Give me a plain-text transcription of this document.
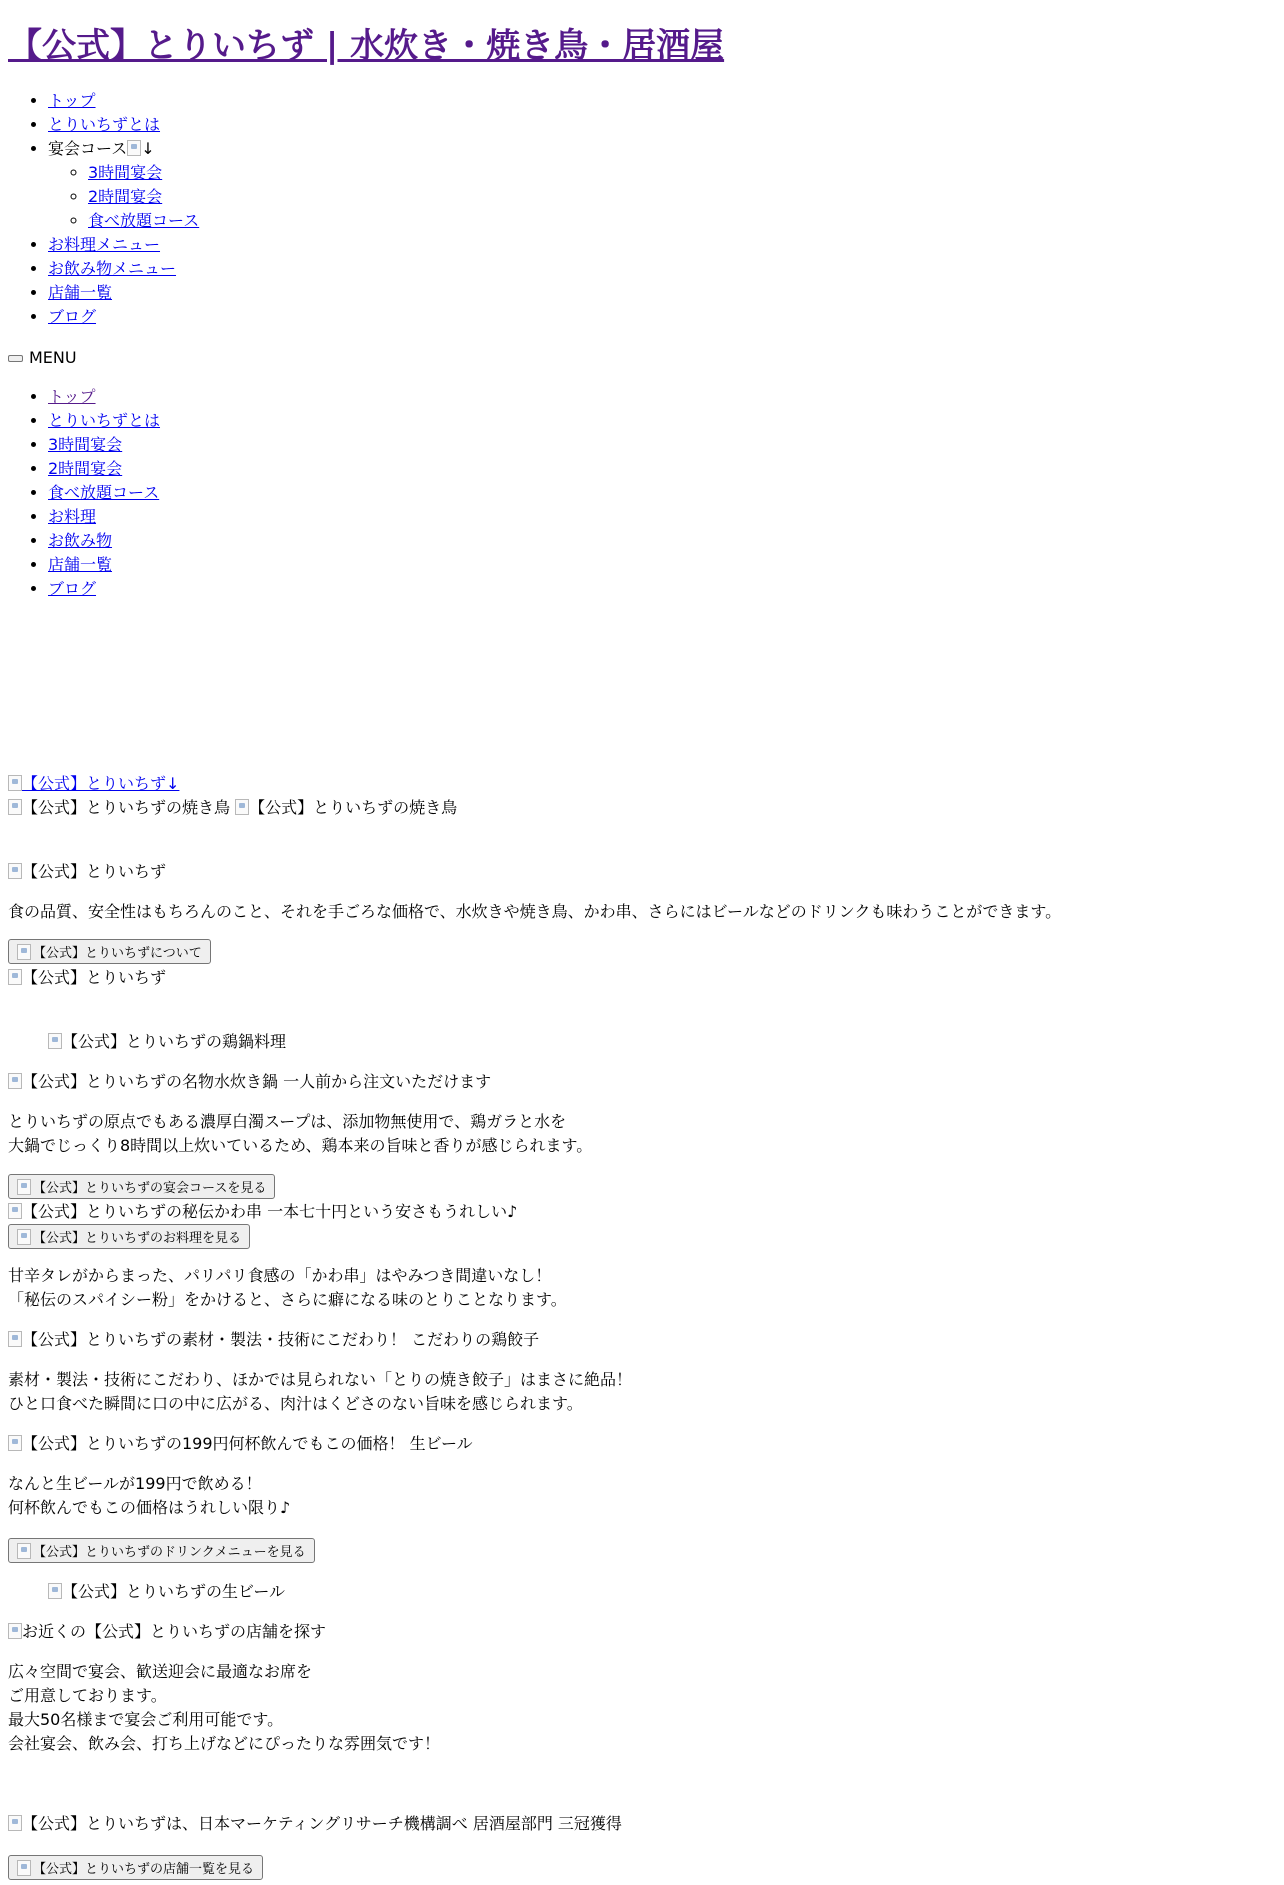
【公式】とりいちず | 水炊き・焼き鳥・居酒屋
• トップ
• とりいちずとは
• 宴会コース ↓
◦ 3時間宴会
◦ 2時間宴会
◦ 食べ放題コース
• お料理メニュー
• お飲み物メニュー
• 店舗一覧
• ブログ
MENU
• トップ
• とりいちずとは
• 3時間宴会
• 2時間宴会
• 食べ放題コース
• お料理
• お飲み物
• 店舗一覧
• ブログ
【公式】とりいちず↓
【公式】とりいちずの焼き鳥 【公式】とりいちずの焼き鳥
【公式】とりいちず

食の品質、安全性はもちろんのこと、それを手ごろな価格で、水炊きや焼き鳥、かわ串、さらにはビールなどのドリンクも味わうことができます。

【公式】とりいちずについて
【公式】とりいちず
【公式】とりいちずの鶏鍋料理
【公式】とりいちずの名物水炊き鍋 一人前から注文いただけます

とりいちずの原点でもある濃厚白濁スープは、添加物無使用で、鶏ガラと水を

大鍋でじっくり8時間以上炊いているため、鶏本来の旨味と香りが感じられます。

【公式】とりいちずの宴会コースを見る
【公式】とりいちずの秘伝かわ串 一本七十円という安さもうれしい♪
【公式】とりいちずのお料理を見る

甘辛タレがからまった、パリパリ食感の「かわ串」はやみつき間違いなし！

「秘伝のスパイシー粉」をかけると、さらに癖になる味のとりことなります。

【公式】とりいちずの素材・製法・技術にこだわり！ こだわりの鶏餃子

素材・製法・技術にこだわり、ほかでは見られない「とりの焼き餃子」はまさに絶品！

ひと口食べた瞬間に口の中に広がる、肉汁はくどさのない旨味を感じられます。

【公式】とりいちずの199円何杯飲んでもこの価格！ 生ビール

なんと生ビールが199円で飲める！

何杯飲んでもこの価格はうれしい限り♪

【公式】とりいちずのドリンクメニューを見る
【公式】とりいちずの生ビール
お近くの【公式】とりいちずの店舗を探す

広々空間で宴会、歓送迎会に最適なお席を

ご用意しております。

最大50名様まで宴会ご利用可能です。

会社宴会、飲み会、打ち上げなどにぴったりな雰囲気です！

【公式】とりいちずは、日本マーケティングリサーチ機構調べ 居酒屋部門 三冠獲得
【公式】とりいちずの店舗一覧を見る
